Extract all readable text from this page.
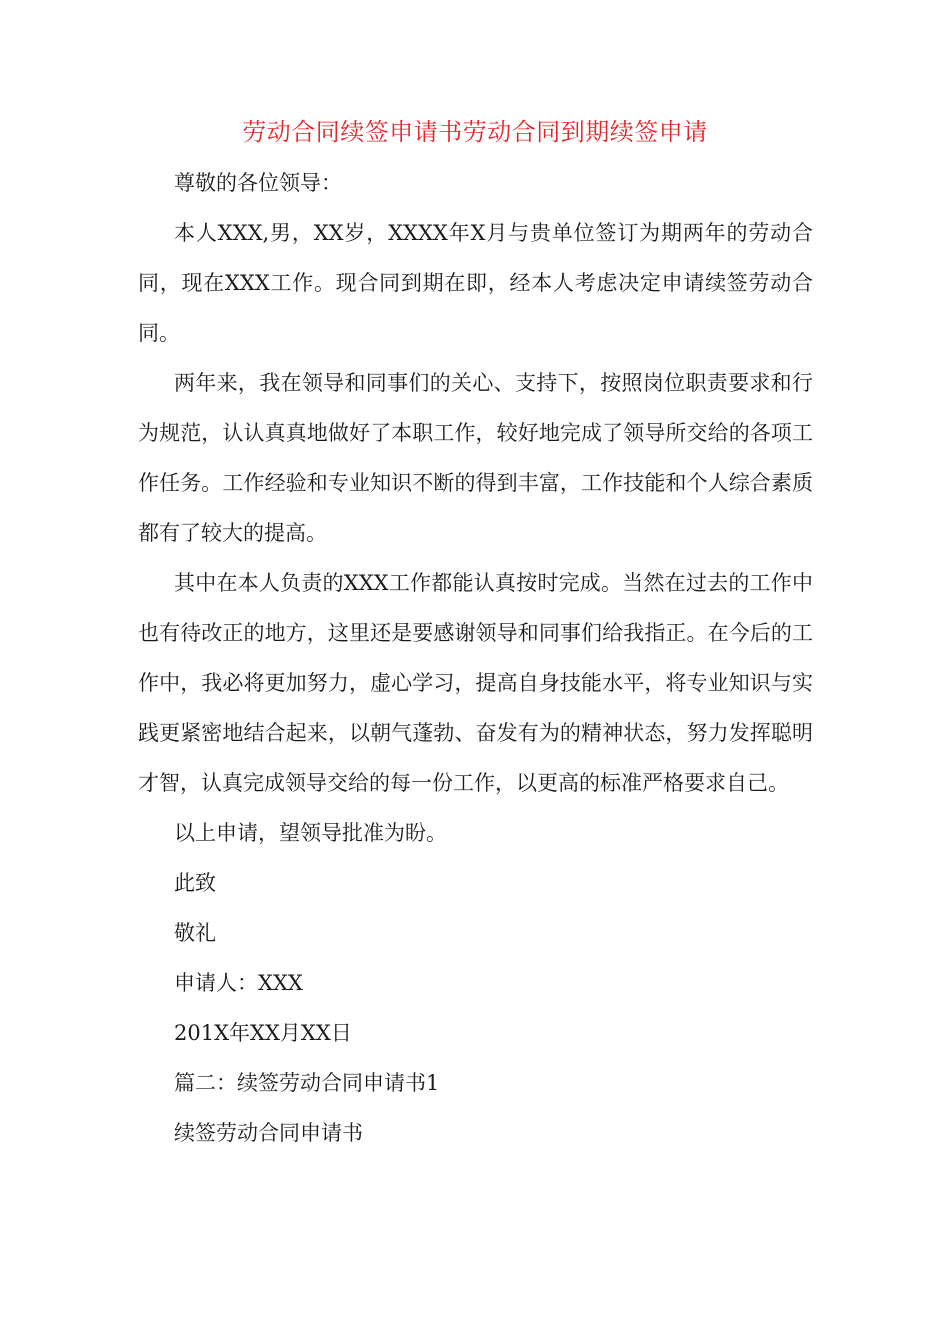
劳动合同续签申请书劳动合同到期续签申请

尊敬的各位领导：

本人XXX,男，XX岁，XXXX年X月与贵单位签订为期两年的劳动合同，现在XXX工作。现合同到期在即，经本人考虑决定申请续签劳动合同。

两年来，我在领导和同事们的关心、支持下，按照岗位职责要求和行为规范，认认真真地做好了本职工作，较好地完成了领导所交给的各项工作任务。工作经验和专业知识不断的得到丰富，工作技能和个人综合素质都有了较大的提高。

其中在本人负责的XXX工作都能认真按时完成。当然在过去的工作中也有待改正的地方，这里还是要感谢领导和同事们给我指正。在今后的工作中，我必将更加努力，虚心学习，提高自身技能水平，将专业知识与实践更紧密地结合起来，以朝气蓬勃、奋发有为的精神状态，努力发挥聪明才智，认真完成领导交给的每一份工作，以更高的标准严格要求自己。

以上申请，望领导批准为盼。

此致

敬礼

申请人：XXX

201X年XX月XX日

篇二：续签劳动合同申请书1

续签劳动合同申请书
